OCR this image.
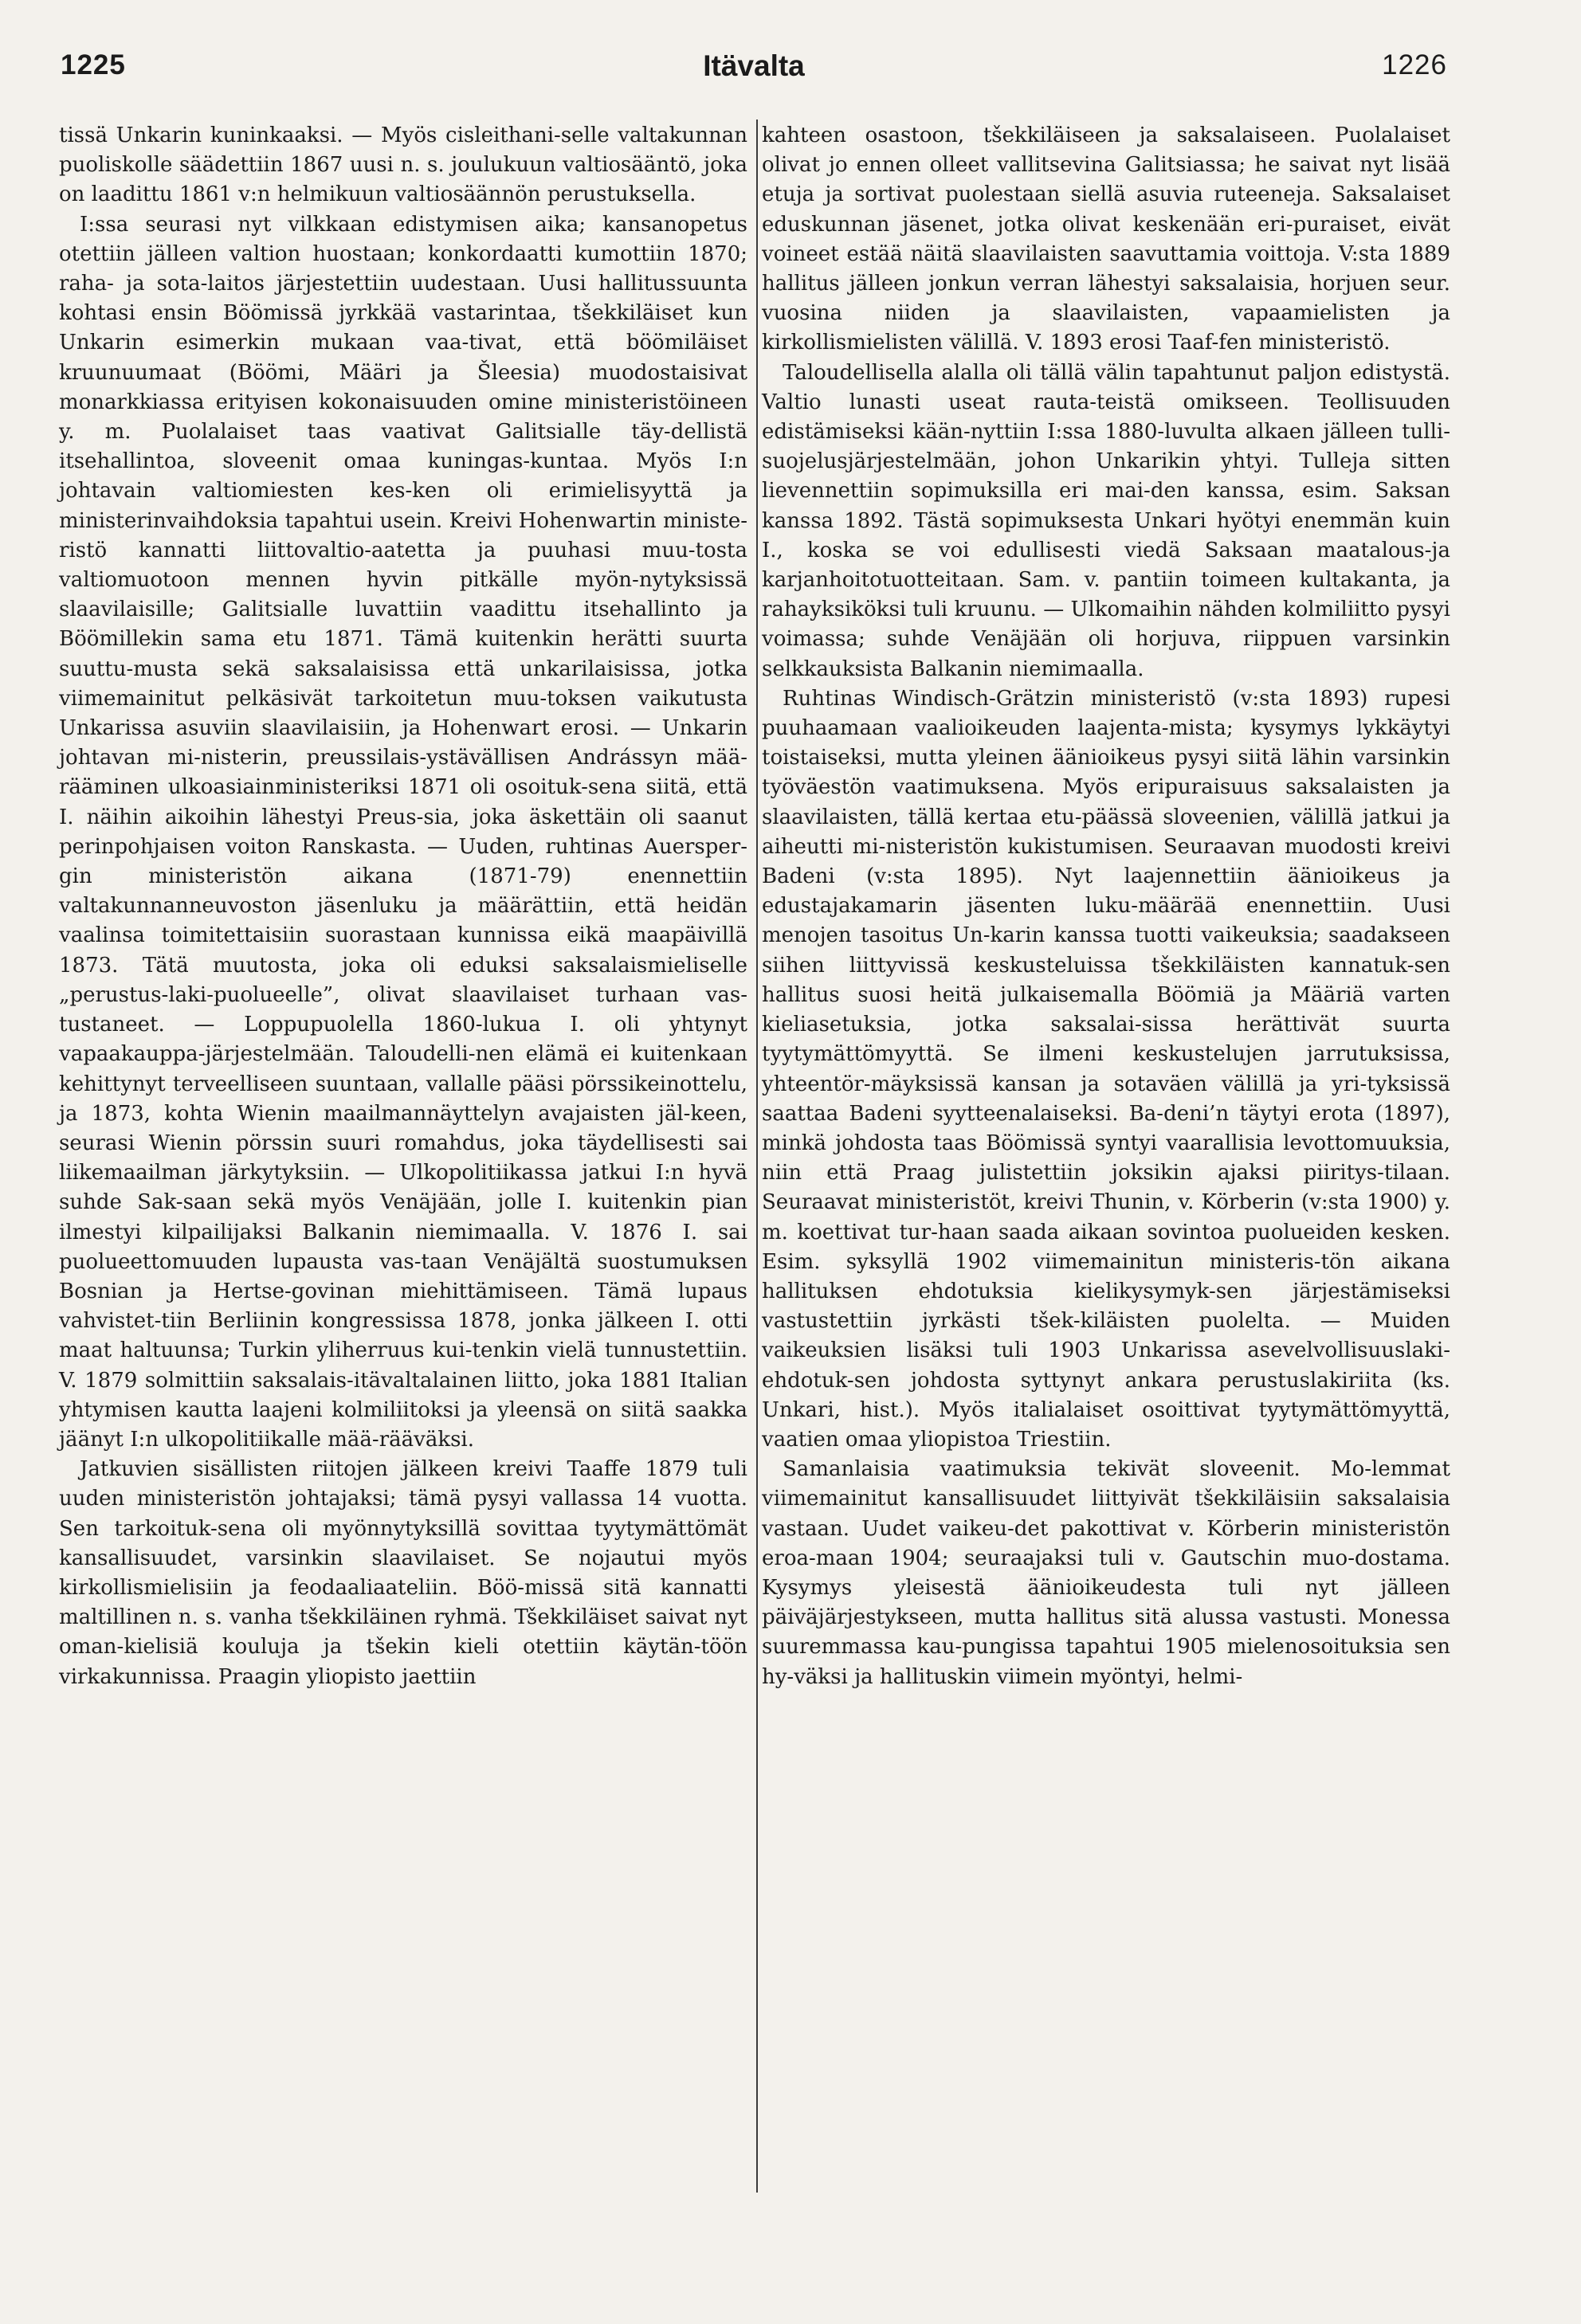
1225	Itävalta	1226

tissä Unkarin kuninkaaksi. — Myös cisleithani-selle valtakunnan puoliskolle säädettiin 1867 uusi n. s. joulukuun valtiosääntö, joka on laadittu 1861 v:n helmikuun valtiosäännön perustuksella.

I:ssa seurasi nyt vilkkaan edistymisen aika; kansanopetus otettiin jälleen valtion huostaan; konkordaatti kumottiin 1870; raha- ja sota-laitos järjestettiin uudestaan. Uusi hallitussuunta kohtasi ensin Böömissä jyrkkää vastarintaa, tšekkiläiset kun Unkarin esimerkin mukaan vaa-tivat, että böömiläiset kruunuumaat (Böömi, Määri ja Šleesia) muodostaisivat monarkkiassa erityisen kokonaisuuden omine ministeristöineen y. m. Puolalaiset taas vaativat Galitsialle täy-dellistä itsehallintoa, sloveenit omaa kuningas-kuntaa. Myös I:n johtavain valtiomiesten kes-ken oli erimielisyyttä ja ministerinvaihdoksia tapahtui usein. Kreivi Hohenwartin ministe-ristö kannatti liittovaltio-aatetta ja puuhasi muu-tosta valtiomuotoon mennen hyvin pitkälle myön-nytyksissä slaavilaisille; Galitsialle luvattiin vaadittu itsehallinto ja Böömillekin sama etu 1871. Tämä kuitenkin herätti suurta suuttu-musta sekä saksalaisissa että unkarilaisissa, jotka viimemainitut pelkäsivät tarkoitetun muu-toksen vaikutusta Unkarissa asuviin slaavilaisiin, ja Hohenwart erosi. — Unkarin johtavan mi-nisterin, preussilais-ystävällisen Andrássyn mää-rääminen ulkoasiainministeriksi 1871 oli osoituk-sena siitä, että I. näihin aikoihin lähestyi Preus-sia, joka äskettäin oli saanut perinpohjaisen voiton Ranskasta. — Uuden, ruhtinas Auersper-gin ministeristön aikana (1871-79) enennettiin valtakunnanneuvoston jäsenluku ja määrättiin, että heidän vaalinsa toimitettaisiin suorastaan kunnissa eikä maapäivillä 1873. Tätä muutosta, joka oli eduksi saksalaismieliselle „perustus-laki-puolueelle”, olivat slaavilaiset turhaan vas-tustaneet. — Loppupuolella 1860-lukua I. oli yhtynyt vapaakauppa-järjestelmään. Taloudelli-nen elämä ei kuitenkaan kehittynyt terveelliseen suuntaan, vallalle pääsi pörssikeinottelu, ja 1873, kohta Wienin maailmannäyttelyn avajaisten jäl-keen, seurasi Wienin pörssin suuri romahdus, joka täydellisesti sai liikemaailman järkytyksiin. — Ulkopolitiikassa jatkui I:n hyvä suhde Sak-saan sekä myös Venäjään, jolle I. kuitenkin pian ilmestyi kilpailijaksi Balkanin niemimaalla. V. 1876 I. sai puolueettomuuden lupausta vas-taan Venäjältä suostumuksen Bosnian ja Hertse-govinan miehittämiseen. Tämä lupaus vahvistet-tiin Berliinin kongressissa 1878, jonka jälkeen I. otti maat haltuunsa; Turkin yliherruus kui-tenkin vielä tunnustettiin. V. 1879 solmittiin saksalais-itävaltalainen liitto, joka 1881 Italian yhtymisen kautta laajeni kolmiliitoksi ja yleensä on siitä saakka jäänyt I:n ulkopolitiikalle mää-rääväksi.

Jatkuvien sisällisten riitojen jälkeen kreivi Taaffe 1879 tuli uuden ministeristön johtajaksi; tämä pysyi vallassa 14 vuotta. Sen tarkoituk-sena oli myönnytyksillä sovittaa tyytymättömät kansallisuudet, varsinkin slaavilaiset. Se nojautui myös kirkollismielisiin ja feodaaliaateliin. Böö-missä sitä kannatti maltillinen n. s. vanha tšekkiläinen ryhmä. Tšekkiläiset saivat nyt oman-kielisiä kouluja ja tšekin kieli otettiin käytän-töön virkakunnissa. Praagin yliopisto jaettiin

kahteen osastoon, tšekkiläiseen ja saksalaiseen. Puolalaiset olivat jo ennen olleet vallitsevina Galitsiassa; he saivat nyt lisää etuja ja sortivat puolestaan siellä asuvia ruteeneja. Saksalaiset eduskunnan jäsenet, jotka olivat keskenään eri-puraiset, eivät voineet estää näitä slaavilaisten saavuttamia voittoja. V:sta 1889 hallitus jälleen jonkun verran lähestyi saksalaisia, horjuen seur. vuosina niiden ja slaavilaisten, vapaamielisten ja kirkollismielisten välillä. V. 1893 erosi Taaf-fen ministeristö.

Taloudellisella alalla oli tällä välin tapahtunut paljon edistystä. Valtio lunasti useat rauta-teistä omikseen. Teollisuuden edistämiseksi kään-nyttiin I:ssa 1880-luvulta alkaen jälleen tulli-suojelusjärjestelmään, johon Unkarikin yhtyi. Tulleja sitten lievennettiin sopimuksilla eri mai-den kanssa, esim. Saksan kanssa 1892. Tästä sopimuksesta Unkari hyötyi enemmän kuin I., koska se voi edullisesti viedä Saksaan maatalous-ja karjanhoitotuotteitaan. Sam. v. pantiin toimeen kultakanta, ja rahayksiköksi tuli kruunu. — Ulkomaihin nähden kolmiliitto pysyi voimassa; suhde Venäjään oli horjuva, riippuen varsinkin selkkauksista Balkanin niemimaalla.

Ruhtinas Windisch-Grätzin ministeristö (v:sta 1893) rupesi puuhaamaan vaalioikeuden laajenta-mista; kysymys lykkäytyi toistaiseksi, mutta yleinen äänioikeus pysyi siitä lähin varsinkin työväestön vaatimuksena. Myös eripuraisuus saksalaisten ja slaavilaisten, tällä kertaa etu-päässä sloveenien, välillä jatkui ja aiheutti mi-nisteristön kukistumisen. Seuraavan muodosti kreivi Badeni (v:sta 1895). Nyt laajennettiin äänioikeus ja edustajakamarin jäsenten luku-määrää enennettiin. Uusi menojen tasoitus Un-karin kanssa tuotti vaikeuksia; saadakseen siihen liittyvissä keskusteluissa tšekkiläisten kannatuk-sen hallitus suosi heitä julkaisemalla Böömiä ja Määriä varten kieliasetuksia, jotka saksalai-sissa herättivät suurta tyytymättömyyttä. Se ilmeni keskustelujen jarrutuksissa, yhteentör-mäyksissä kansan ja sotaväen välillä ja yri-tyksissä saattaa Badeni syytteenalaiseksi. Ba-deni’n täytyi erota (1897), minkä johdosta taas Böömissä syntyi vaarallisia levottomuuksia, niin että Praag julistettiin joksikin ajaksi piiritys-tilaan. Seuraavat ministeristöt, kreivi Thunin, v. Körberin (v:sta 1900) y. m. koettivat tur-haan saada aikaan sovintoa puolueiden kesken. Esim. syksyllä 1902 viimemainitun ministeris-tön aikana hallituksen ehdotuksia kielikysymyk-sen järjestämiseksi vastustettiin jyrkästi tšek-kiläisten puolelta. — Muiden vaikeuksien lisäksi tuli 1903 Unkarissa asevelvollisuuslaki-ehdotuk-sen johdosta syttynyt ankara perustuslakiriita (ks. Unkari, hist.). Myös italialaiset osoittivat tyytymättömyyttä, vaatien omaa yliopistoa Triestiin.

Samanlaisia vaatimuksia tekivät sloveenit. Mo-lemmat viimemainitut kansallisuudet liittyivät tšekkiläisiin saksalaisia vastaan. Uudet vaikeu-det pakottivat v. Körberin ministeristön eroa-maan 1904; seuraajaksi tuli v. Gautschin muo-dostama. Kysymys yleisestä äänioikeudesta tuli nyt jälleen päiväjärjestykseen, mutta hallitus sitä alussa vastusti. Monessa suuremmassa kau-pungissa tapahtui 1905 mielenosoituksia sen hy-väksi ja hallituskin viimein myöntyi, helmi-
